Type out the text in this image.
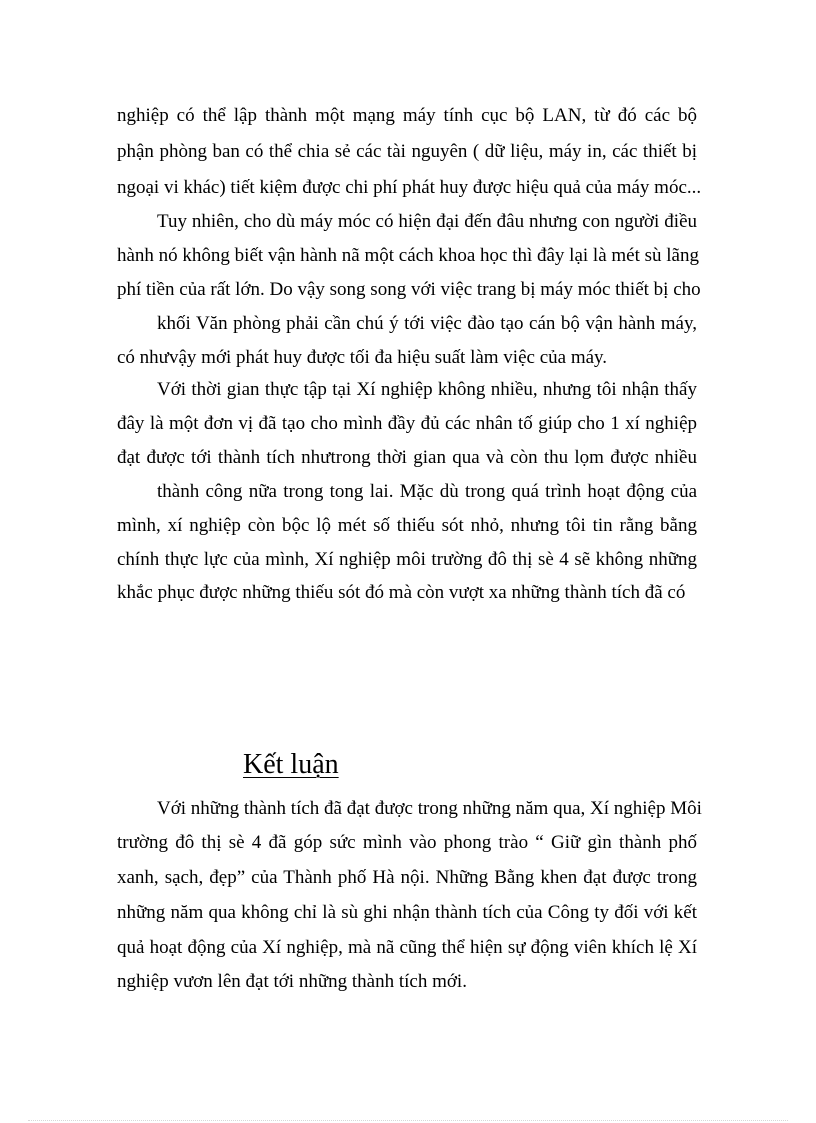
nghiệp có thể lập thành một mạng máy tính cục bộ LAN, từ đó các bộ
phận phòng ban có thể chia sẻ các tài nguyên ( dữ liệu, máy in, các thiết bị
ngoại vi khác) tiết kiệm được chi phí phát huy được hiệu quả của máy móc...
Tuy nhiên, cho dù máy móc có hiện đại đến đâu nhưng con người điều
hành nó không biết vận hành nã một cách khoa học thì đây lại là mét sù lãng
phí tiền của rất lớn. Do vậy song song với việc trang bị máy móc thiết bị cho
khối Văn phòng phải cần chú ý tới việc đào tạo cán bộ vận hành máy,
có nhưvậy mới phát huy được tối đa hiệu suất làm việc của máy.
Với thời gian thực tập tại Xí nghiệp không nhiều, nhưng tôi nhận thấy
đây là một đơn vị đã tạo cho mình đầy đủ các nhân tố giúp cho 1 xí nghiệp
đạt được tới thành tích nhưtrong thời gian qua và còn thu lọm được nhiều
thành công nữa trong tong lai. Mặc dù trong quá trình hoạt động của
mình, xí nghiệp còn bộc lộ mét số thiếu sót nhỏ, nhưng tôi tin rằng bằng
chính thực lực của mình, Xí nghiệp môi trường đô thị sè 4 sẽ không những
khắc phục được những thiếu sót đó mà còn vượt xa những thành tích đã có
Kết luận
Với những thành tích đã đạt được trong những năm qua, Xí nghiệp Môi
trường đô thị sè 4 đã góp sức mình vào phong trào “ Giữ gìn thành phố
xanh, sạch, đẹp” của Thành phố Hà nội. Những Bằng khen đạt được trong
những năm qua không chỉ là sù ghi nhận thành tích của Công ty đối với kết
quả hoạt động của Xí nghiệp, mà nã cũng thể hiện sự động viên khích lệ Xí
nghiệp vươn lên đạt tới những thành tích mới.
